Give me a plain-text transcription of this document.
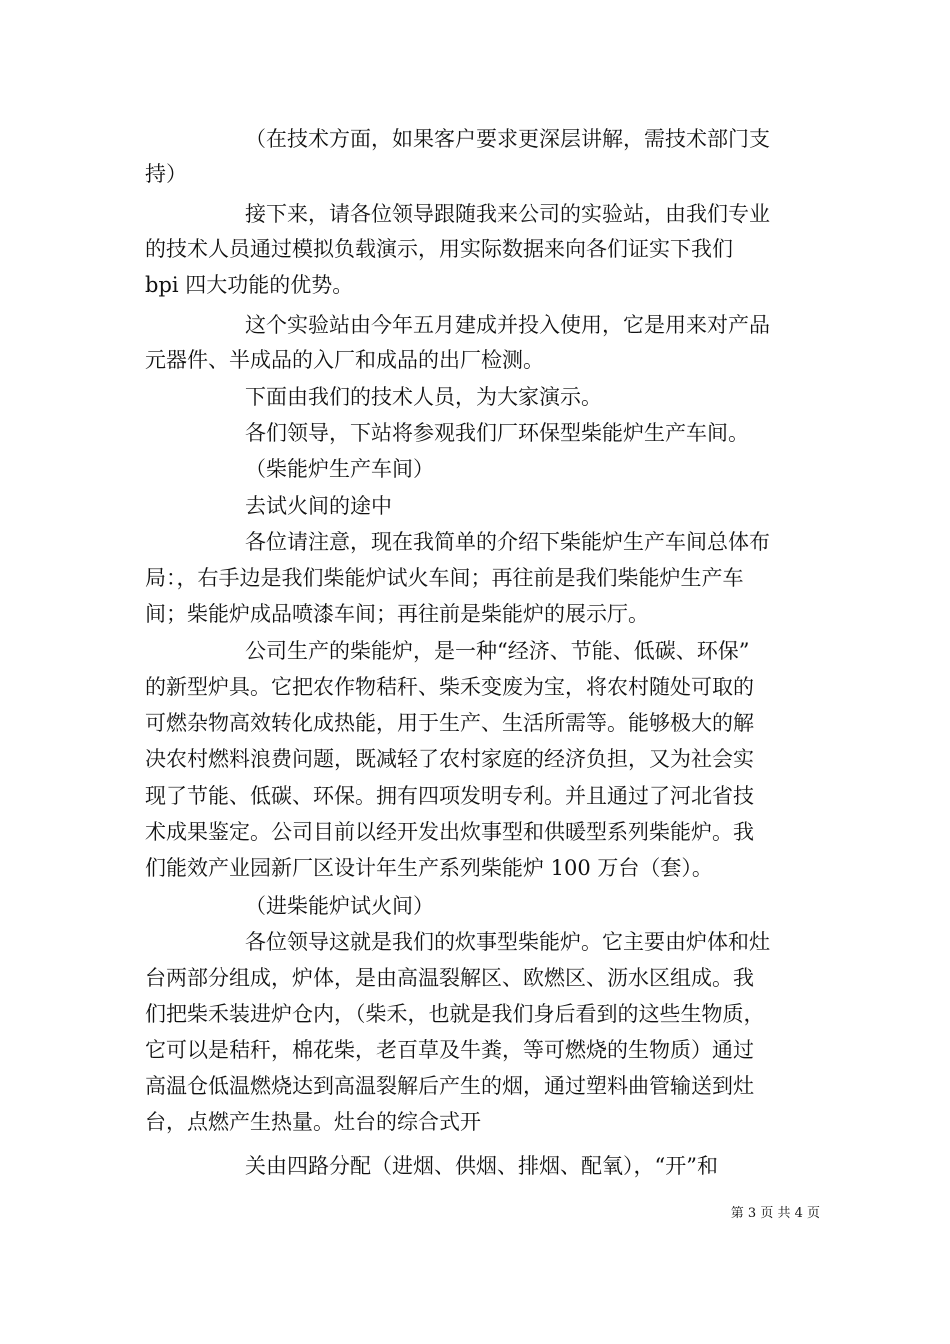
（在技术方面，如果客户要求更深层讲解，需技术部门支
持）
接下来，请各位领导跟随我来公司的实验站，由我们专业
的技术人员通过模拟负载演示，用实际数据来向各们证实下我们
bpi 四大功能的优势。
这个实验站由今年五月建成并投入使用，它是用来对产品
元器件、半成品的入厂和成品的出厂检测。
下面由我们的技术人员，为大家演示。
各们领导，下站将参观我们厂环保型柴能炉生产车间。
（柴能炉生产车间）
去试火间的途中
各位请注意，现在我简单的介绍下柴能炉生产车间总体布
局：，右手边是我们柴能炉试火车间；再往前是我们柴能炉生产车
间；柴能炉成品喷漆车间；再往前是柴能炉的展示厅。
公司生产的柴能炉，是一种“经济、节能、低碳、环保”
的新型炉具。它把农作物秸秆、柴禾变废为宝，将农村随处可取的
可燃杂物高效转化成热能，用于生产、生活所需等。能够极大的解
决农村燃料浪费问题，既减轻了农村家庭的经济负担，又为社会实
现了节能、低碳、环保。拥有四项发明专利。并且通过了河北省技
术成果鉴定。公司目前以经开发出炊事型和供暖型系列柴能炉。我
们能效产业园新厂区设计年生产系列柴能炉 100 万台（套）。
（进柴能炉试火间）
各位领导这就是我们的炊事型柴能炉。它主要由炉体和灶
台两部分组成，炉体，是由高温裂解区、欧燃区、沥水区组成。我
们把柴禾装进炉仓内，（柴禾，也就是我们身后看到的这些生物质，
它可以是秸秆，棉花柴，老百草及牛粪，等可燃烧的生物质）通过
高温仓低温燃烧达到高温裂解后产生的烟，通过塑料曲管输送到灶
台，点燃产生热量。灶台的综合式开
关由四路分配（进烟、供烟、排烟、配氧），“开”和
第 3 页 共 4 页
